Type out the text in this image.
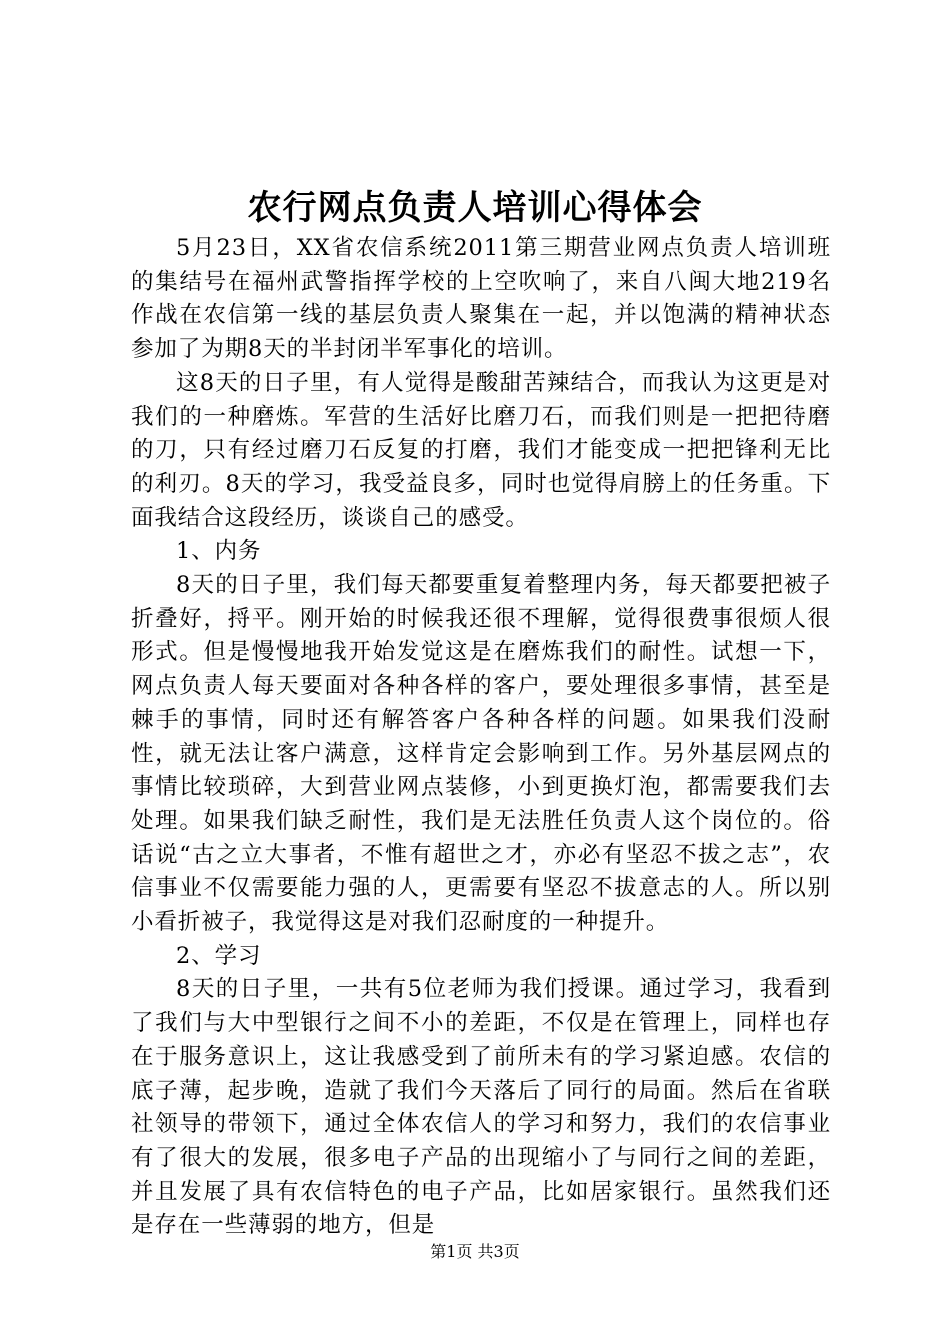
农行网点负责人培训心得体会

5月23日，XX省农信系统2011第三期营业网点负责人培训班的集结号在福州武警指挥学校的上空吹响了，来自八闽大地219名作战在农信第一线的基层负责人聚集在一起，并以饱满的精神状态参加了为期8天的半封闭半军事化的培训。

这8天的日子里，有人觉得是酸甜苦辣结合，而我认为这更是对我们的一种磨炼。军营的生活好比磨刀石，而我们则是一把把待磨的刀，只有经过磨刀石反复的打磨，我们才能变成一把把锋利无比的利刃。8天的学习，我受益良多，同时也觉得肩膀上的任务重。下面我结合这段经历，谈谈自己的感受。

1、内务

8天的日子里，我们每天都要重复着整理内务，每天都要把被子折叠好，捋平。刚开始的时候我还很不理解，觉得很费事很烦人很形式。但是慢慢地我开始发觉这是在磨炼我们的耐性。试想一下，网点负责人每天要面对各种各样的客户，要处理很多事情，甚至是棘手的事情，同时还有解答客户各种各样的问题。如果我们没耐性，就无法让客户满意，这样肯定会影响到工作。另外基层网点的事情比较琐碎，大到营业网点装修，小到更换灯泡，都需要我们去处理。如果我们缺乏耐性，我们是无法胜任负责人这个岗位的。俗话说“古之立大事者，不惟有超世之才，亦必有坚忍不拔之志”，农信事业不仅需要能力强的人，更需要有坚忍不拔意志的人。所以别小看折被子，我觉得这是对我们忍耐度的一种提升。

2、学习

8天的日子里，一共有5位老师为我们授课。通过学习，我看到了我们与大中型银行之间不小的差距，不仅是在管理上，同样也存在于服务意识上，这让我感受到了前所未有的学习紧迫感。农信的底子薄，起步晚，造就了我们今天落后了同行的局面。然后在省联社领导的带领下，通过全体农信人的学习和努力，我们的农信事业有了很大的发展，很多电子产品的出现缩小了与同行之间的差距，并且发展了具有农信特色的电子产品，比如居家银行。虽然我们还是存在一些薄弱的地方，但是

第1页 共3页
